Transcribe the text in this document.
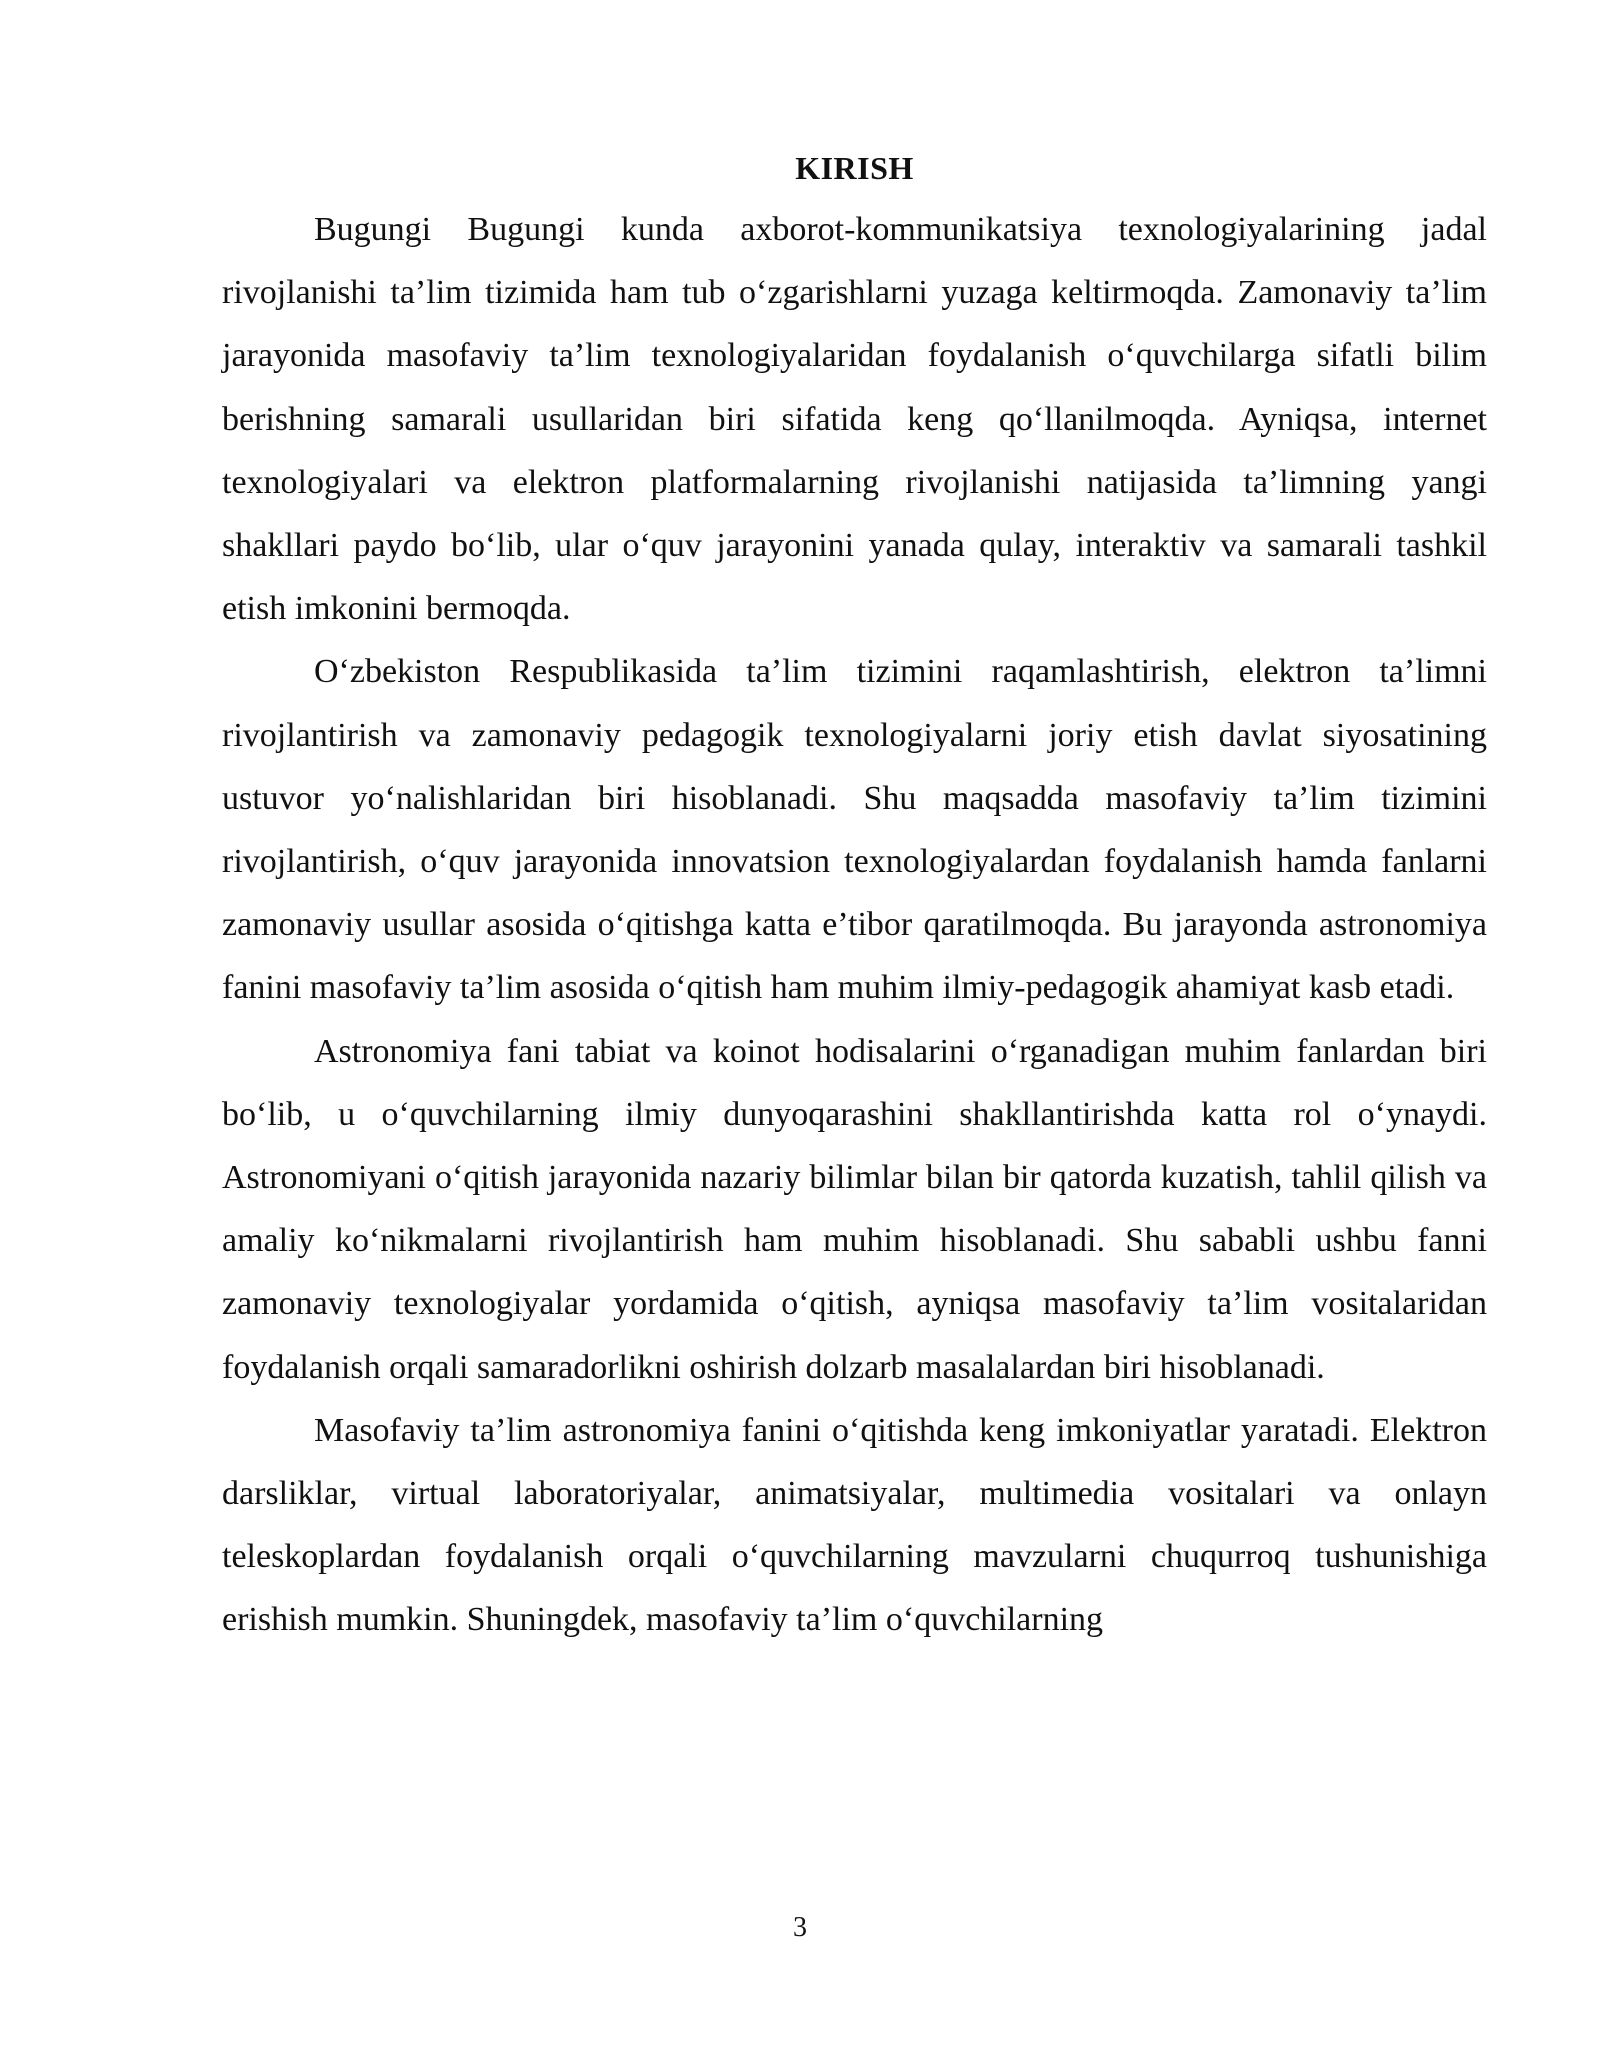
KIRISH

Bugungi Bugungi kunda axborot-kommunikatsiya texnologiyalarining jadal rivojlanishi ta’lim tizimida ham tub o‘zgarishlarni yuzaga keltirmoqda. Zamonaviy ta’lim jarayonida masofaviy ta’lim texnologiyalaridan foydalanish o‘quvchilarga sifatli bilim berishning samarali usullaridan biri sifatida keng qo‘llanilmoqda. Ayniqsa, internet texnologiyalari va elektron platformalarning rivojlanishi natijasida ta’limning yangi shakllari paydo bo‘lib, ular o‘quv jarayonini yanada qulay, interaktiv va samarali tashkil etish imkonini bermoqda.

O‘zbekiston Respublikasida ta’lim tizimini raqamlashtirish, elektron ta’limni rivojlantirish va zamonaviy pedagogik texnologiyalarni joriy etish davlat siyosatining ustuvor yo‘nalishlaridan biri hisoblanadi. Shu maqsadda masofaviy ta’lim tizimini rivojlantirish, o‘quv jarayonida innovatsion texnologiyalardan foydalanish hamda fanlarni zamonaviy usullar asosida o‘qitishga katta e’tibor qaratilmoqda. Bu jarayonda astronomiya fanini masofaviy ta’lim asosida o‘qitish ham muhim ilmiy-pedagogik ahamiyat kasb etadi.

Astronomiya fani tabiat va koinot hodisalarini o‘rganadigan muhim fanlardan biri bo‘lib, u o‘quvchilarning ilmiy dunyoqarashini shakllantirishda katta rol o‘ynaydi. Astronomiyani o‘qitish jarayonida nazariy bilimlar bilan bir qatorda kuzatish, tahlil qilish va amaliy ko‘nikmalarni rivojlantirish ham muhim hisoblanadi. Shu sababli ushbu fanni zamonaviy texnologiyalar yordamida o‘qitish, ayniqsa masofaviy ta’lim vositalaridan foydalanish orqali samaradorlikni oshirish dolzarb masalalardan biri hisoblanadi.

Masofaviy ta’lim astronomiya fanini o‘qitishda keng imkoniyatlar yaratadi. Elektron darsliklar, virtual laboratoriyalar, animatsiyalar, multimedia vositalari va onlayn teleskoplardan foydalanish orqali o‘quvchilarning mavzularni chuqurroq tushunishiga erishish mumkin. Shuningdek, masofaviy ta’lim o‘quvchilarning

3
